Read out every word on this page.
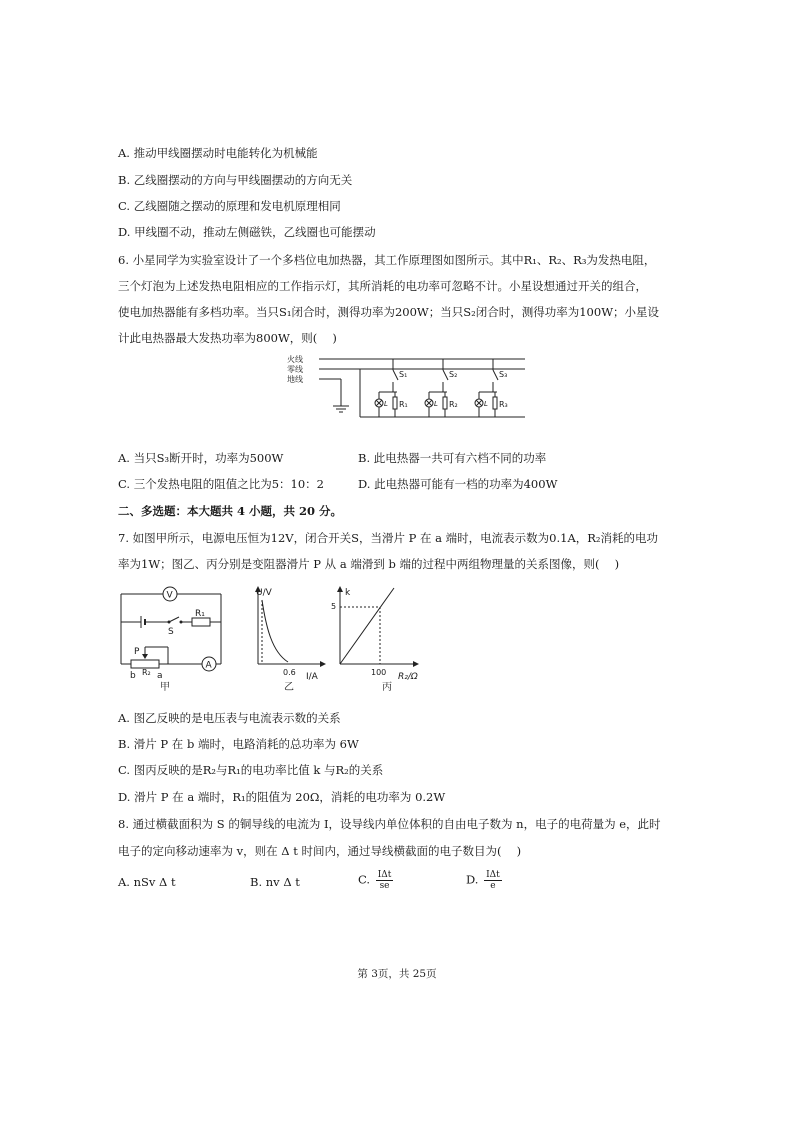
A. 推动甲线圈摆动时电能转化为机械能
B. 乙线圈摆动的方向与甲线圈摆动的方向无关
C. 乙线圈随之摆动的原理和发电机原理相同
D. 甲线圈不动，推动左侧磁铁，乙线圈也可能摆动
6. 小星同学为实验室设计了一个多档位电加热器，其工作原理图如图所示。其中R₁、R₂、R₃为发热电阻，
三个灯泡为上述发热电阻相应的工作指示灯，其所消耗的电功率可忽略不计。小星设想通过开关的组合，
使电加热器能有多档功率。当只S₁闭合时，测得功率为200W；当只S₂闭合时，测得功率为100W；小星设
计此电热器最大发热功率为800W，则(　 )
火线
零线
地线
L
S₁
R₁	L
S₂
R₂	L
S₃
R₃
A. 当只S₃断开时，功率为500W	B. 此电热器一共可有六档不同的功率
C. 三个发热电阻的阻值之比为5：10：2	D. 此电热器可能有一档的功率为400W
二、多选题：本大题共 4 小题，共 20 分。
7. 如图甲所示，电源电压恒为12V，闭合开关S，当滑片 P 在 a 端时，电流表示数为0.1A，R₂消耗的电功
率为1W；图乙、丙分别是变阻器滑片 P 从 a 端滑到 b 端的过程中两组物理量的关系图像，则(　 )
V
S
R₁
P
R₂
b a
A
甲
U/V
I/A
0.6
乙
k
5
100 R₂/Ω
丙
A. 图乙反映的是电压表与电流表示数的关系
B. 滑片 P 在 b 端时，电路消耗的总功率为 6W
C. 图丙反映的是R₂与R₁的电功率比值 k 与R₂的关系
D. 滑片 P 在 a 端时，R₁的阻值为 20Ω，消耗的电功率为 0.2W
8. 通过横截面积为 S 的铜导线的电流为 I，设导线内单位体积的自由电子数为 n，电子的电荷量为 e，此时
电子的定向移动速率为 v，则在 Δ t 时间内，通过导线横截面的电子数目为(　 )
A. nSv Δ t	B. nv Δ t	C. $\frac{\text{IΔt}}{se}$	D. $\frac{\text{IΔt}}{e}$
第 3页，共 25页
